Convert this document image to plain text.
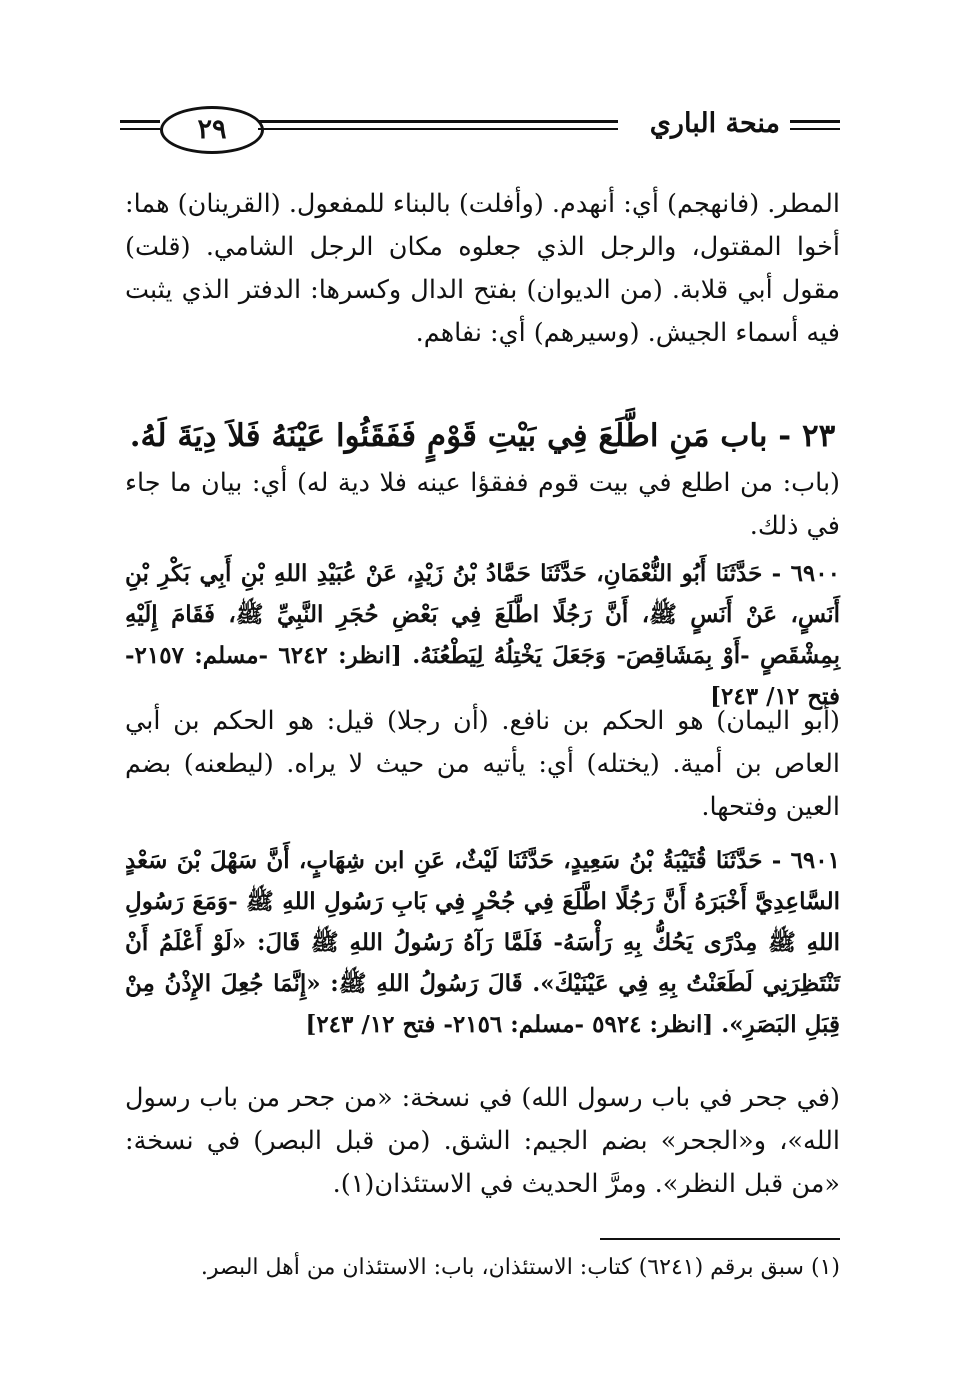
٢٩	منحة الباري
المطر. (فانهجم) أي: أنهدم. (وأفلت) بالبناء للمفعول. (القرينان) هما: أخوا المقتول، والرجل الذي جعلوه مكان الرجل الشامي. (قلت) مقول أبي قلابة. (من الديوان) بفتح الدال وكسرها: الدفتر الذي يثبت فيه أسماء الجيش. (وسيرهم) أي: نفاهم.
٢٣ - باب مَنِ اطَّلَعَ فِي بَيْتِ قَوْمٍ فَفَقَئُوا عَيْنَهُ فَلاَ دِيَةَ لَهُ.
(باب: من اطلع في بيت قوم ففقؤا عينه فلا دية له) أي: بيان ما جاء في ذلك.
٦٩٠٠ - حَدَّثَنَا أَبُو النُّعْمَانِ، حَدَّثَنَا حَمَّادُ بْنُ زَيْدٍ، عَنْ عُبَيْدِ اللهِ بْنِ أَبِي بَكْرِ بْنِ أَنَسٍ، عَنْ أَنَسٍ ﷺ، أَنَّ رَجُلًا اطَّلَعَ فِي بَعْضِ حُجَرِ النَّبِيِّ ﷺ، فَقَامَ إِلَيْهِ بِمِشْقَصٍ -أَوْ بِمَشَاقِصَ- وَجَعَلَ يَخْتِلُهُ لِيَطْعُنَهُ. [انظر: ٦٢٤٢ -مسلم: ٢١٥٧- فتح ١٢/ ٢٤٣]
(أبو اليمان) هو الحكم بن نافع. (أن رجلا) قيل: هو الحكم بن أبي العاص بن أمية. (يختله) أي: يأتيه من حيث لا يراه. (ليطعنه) بضم العين وفتحها.
٦٩٠١ - حَدَّثَنَا قُتَيْبَةُ بْنُ سَعِيدٍ، حَدَّثَنَا لَيْثٌ، عَنِ ابن شِهَابٍ، أَنَّ سَهْلَ بْنَ سَعْدٍ السَّاعِدِيَّ أَخْبَرَهُ أَنَّ رَجُلًا اطَّلَعَ فِي جُحْرٍ فِي بَابِ رَسُولِ اللهِ ﷺ -وَمَعَ رَسُولِ اللهِ ﷺ مِدْرًى يَحُكُّ بِهِ رَأْسَهُ- فَلَمَّا رَآهُ رَسُولُ اللهِ ﷺ قَالَ: «لَوْ أَعْلَمُ أَنْ تَنْتَظِرَنِي لَطَعَنْتُ بِهِ فِي عَيْنَيْكَ». قَالَ رَسُولُ اللهِ ﷺ: «إِنَّمَا جُعِلَ الإِذْنُ مِنْ قِبَلِ البَصَرِ». [انظر: ٥٩٢٤ -مسلم: ٢١٥٦- فتح ١٢/ ٢٤٣]
(في جحر في باب رسول الله) في نسخة: «من جحر من باب رسول الله»، و«الجحر» بضم الجيم: الشق. (من قبل البصر) في نسخة: «من قبل النظر». ومرَّ الحديث في الاستئذان(١).
(١) سبق برقم (٦٢٤١) كتاب: الاستئذان، باب: الاستئذان من أهل البصر.
